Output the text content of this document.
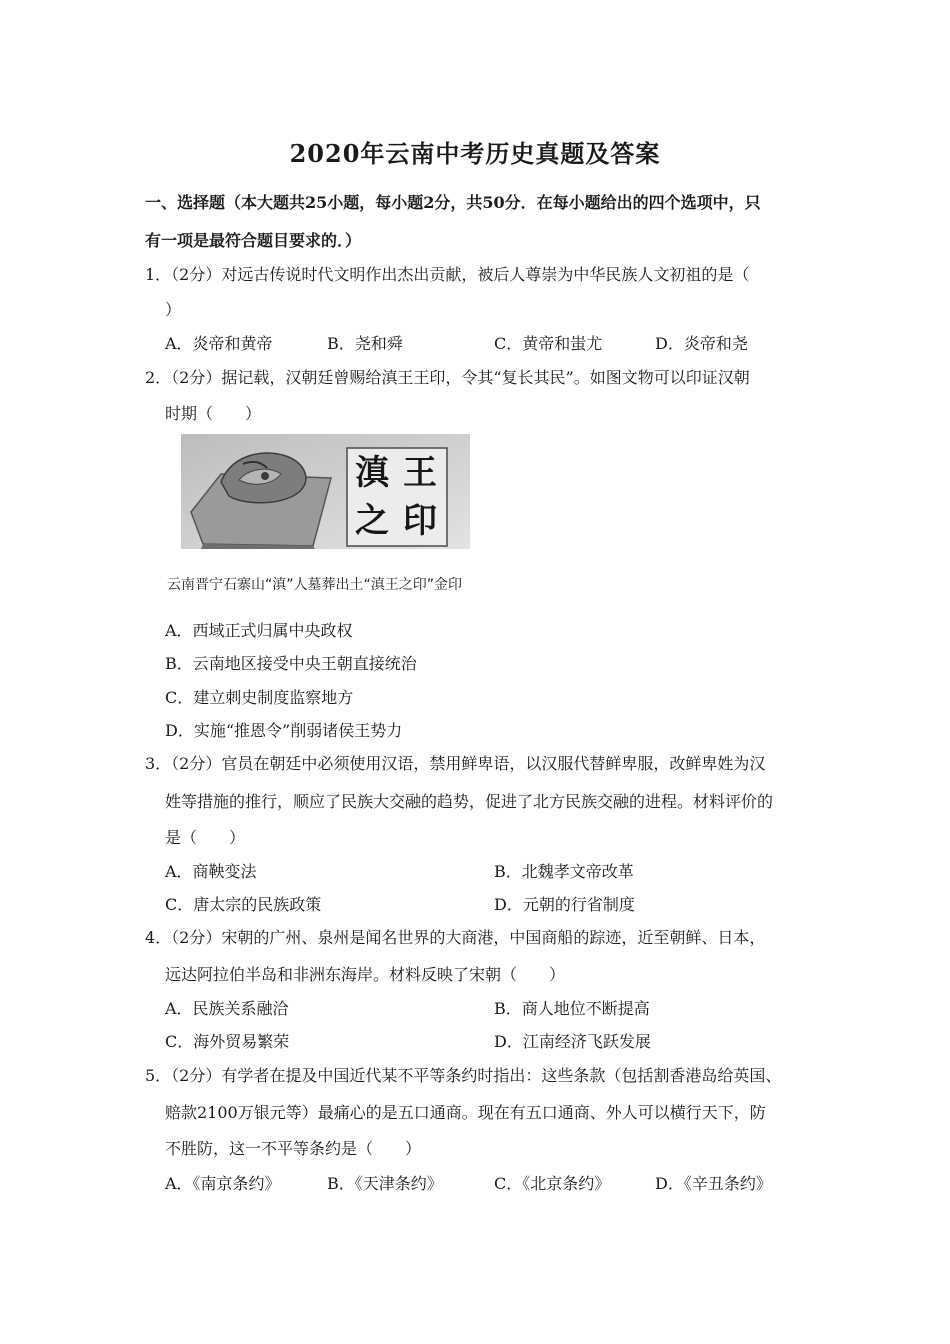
2020年云南中考历史真题及答案
一、选择题（本大题共25小题，每小题2分，共50分．在每小题给出的四个选项中，只
有一项是最符合题目要求的．）
1．（2分）对远古传说时代文明作出杰出贡献，被后人尊崇为中华民族人文初祖的是（
）
A．炎帝和黄帝	B．尧和舜	C．黄帝和蚩尤	D．炎帝和尧
2．（2分）据记载，汉朝廷曾赐给滇王王印，令其“复长其民”。如图文物可以印证汉朝
时期（　　）
王
滇
印
之
云南晋宁石寨山“滇”人墓葬出土“滇王之印”金印
A．西域正式归属中央政权
B．云南地区接受中央王朝直接统治
C．建立刺史制度监察地方
D．实施“推恩令”削弱诸侯王势力
3．（2分）官员在朝廷中必须使用汉语，禁用鲜卑语，以汉服代替鲜卑服，改鲜卑姓为汉
姓等措施的推行，顺应了民族大交融的趋势，促进了北方民族交融的进程。材料评价的
是（　　）
A．商鞅变法	B．北魏孝文帝改革
C．唐太宗的民族政策	D．元朝的行省制度
4．（2分）宋朝的广州、泉州是闻名世界的大商港，中国商船的踪迹，近至朝鲜、日本，
远达阿拉伯半岛和非洲东海岸。材料反映了宋朝（　　）
A．民族关系融洽	B．商人地位不断提高
C．海外贸易繁荣	D．江南经济飞跃发展
5．（2分）有学者在提及中国近代某不平等条约时指出：这些条款（包括割香港岛给英国、
赔款2100万银元等）最痛心的是五口通商。现在有五口通商、外人可以横行天下，防
不胜防，这一不平等条约是（　　）
A．《南京条约》	B．《天津条约》	C．《北京条约》	D．《辛丑条约》
